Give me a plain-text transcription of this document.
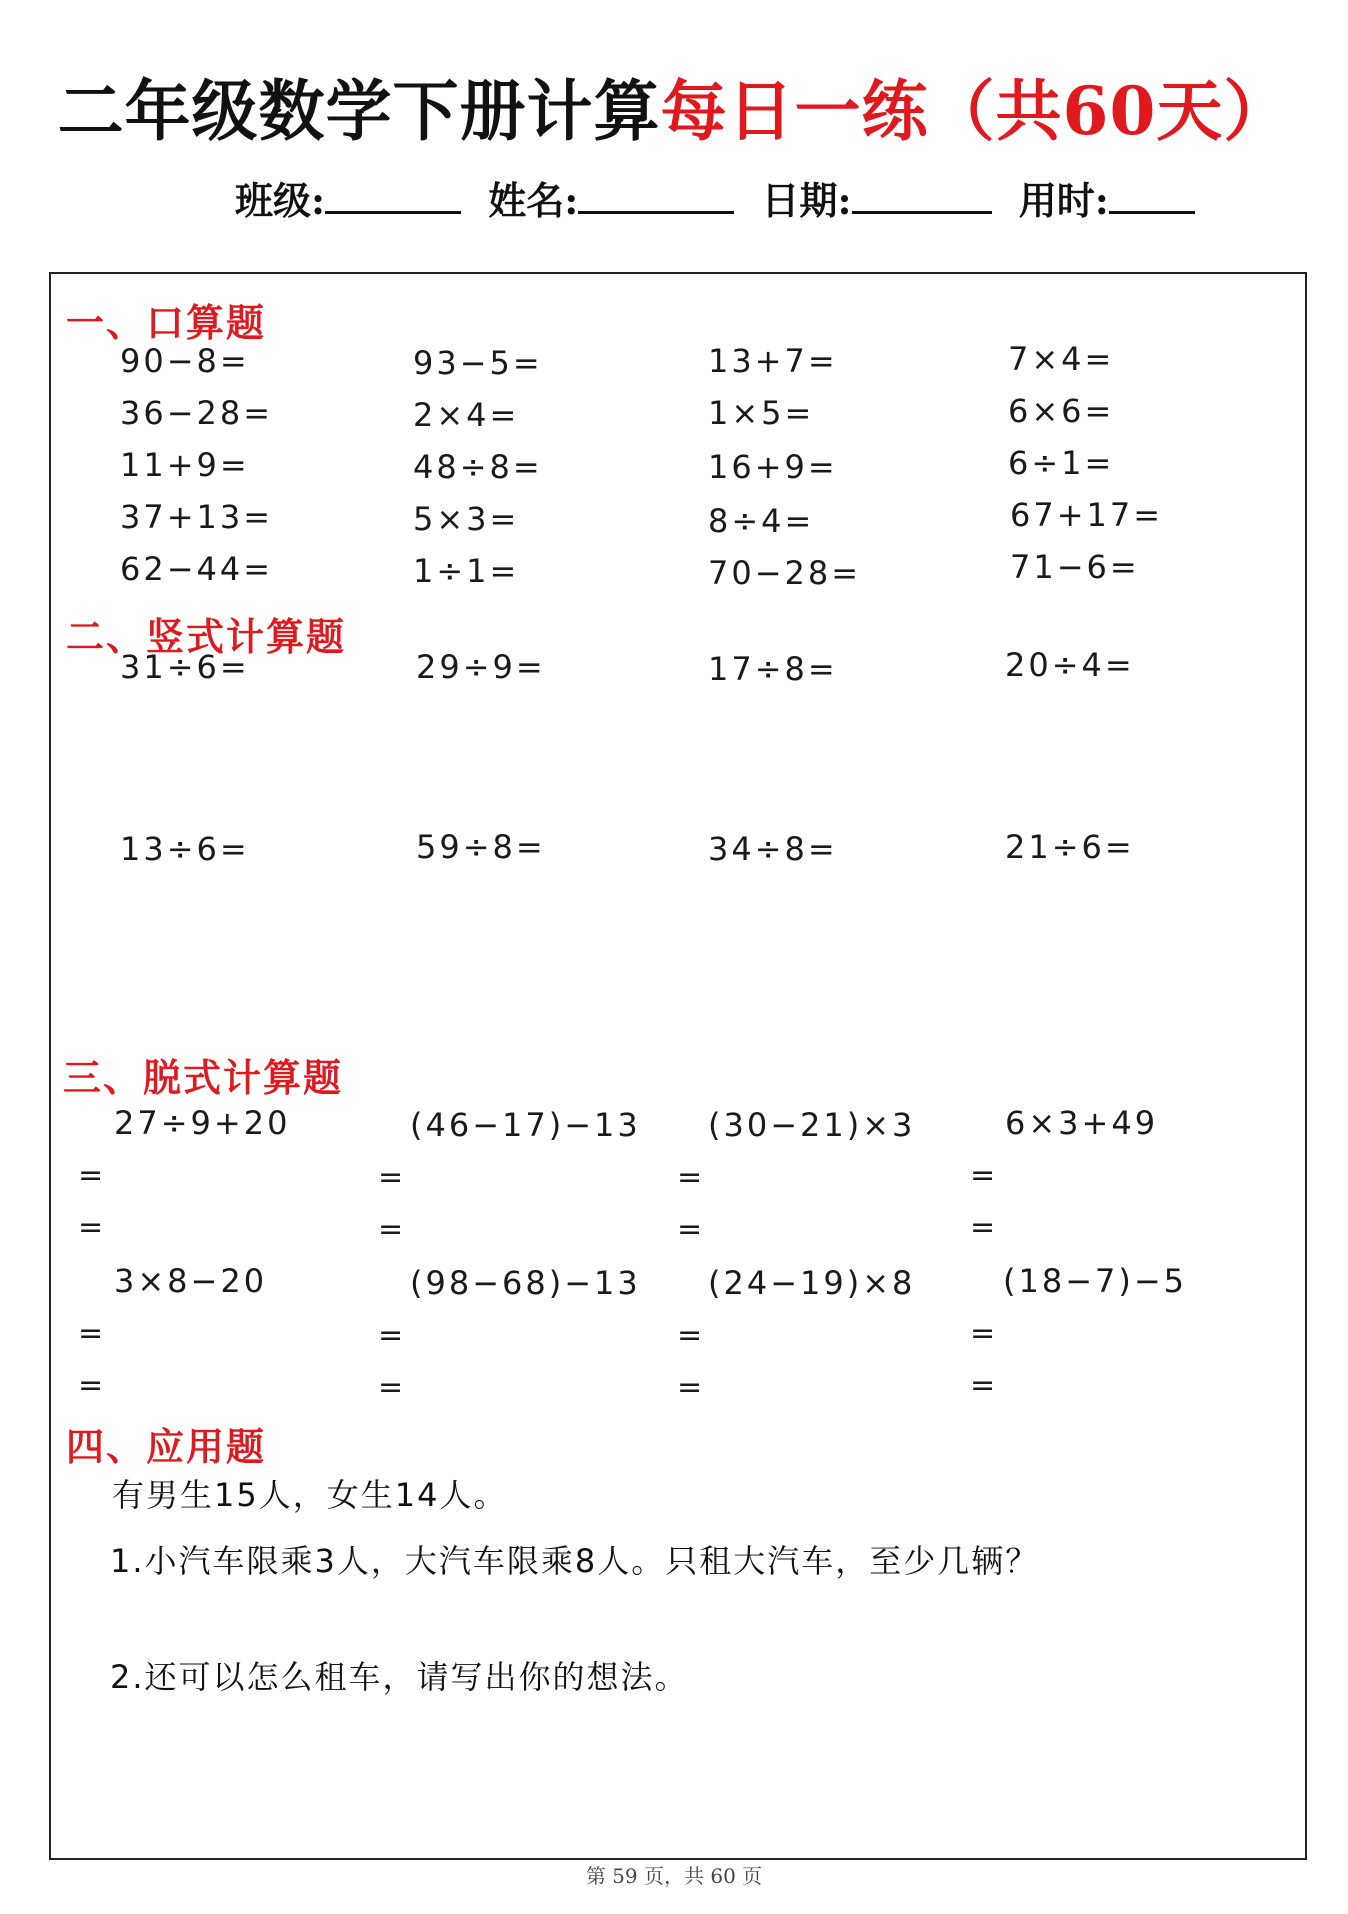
二年级数学下册计算每日一练（共60天）
班级:	姓名:	日期:	用时:
一、口算题
90−8=	93−5=	13+7=	7×4=
36−28=	2×4=	1×5=	6×6=
11+9=	48÷8=	16+9=	6÷1=
37+13=	5×3=	8÷4=	67+17=
62−44=	1÷1=	70−28=	71−6=
二、竖式计算题
31÷6=	29÷9=	17÷8=	20÷4=
13÷6=	59÷8=	34÷8=	21÷6=
三、脱式计算题
27÷9+20	(46−17)−13 (30−21)×3	6×3+49
=	=	=	=
=	=	=	=
3×8−20	(98−68)−13 (24−19)×8	(18−7)−5
=	=	=	=
=	=	=	=
四、应用题
有男生15人，女生14人。
1.小汽车限乘3人，大汽车限乘8人。只租大汽车，至少几辆？
2.还可以怎么租车，请写出你的想法。
第 59 页，共 60 页
